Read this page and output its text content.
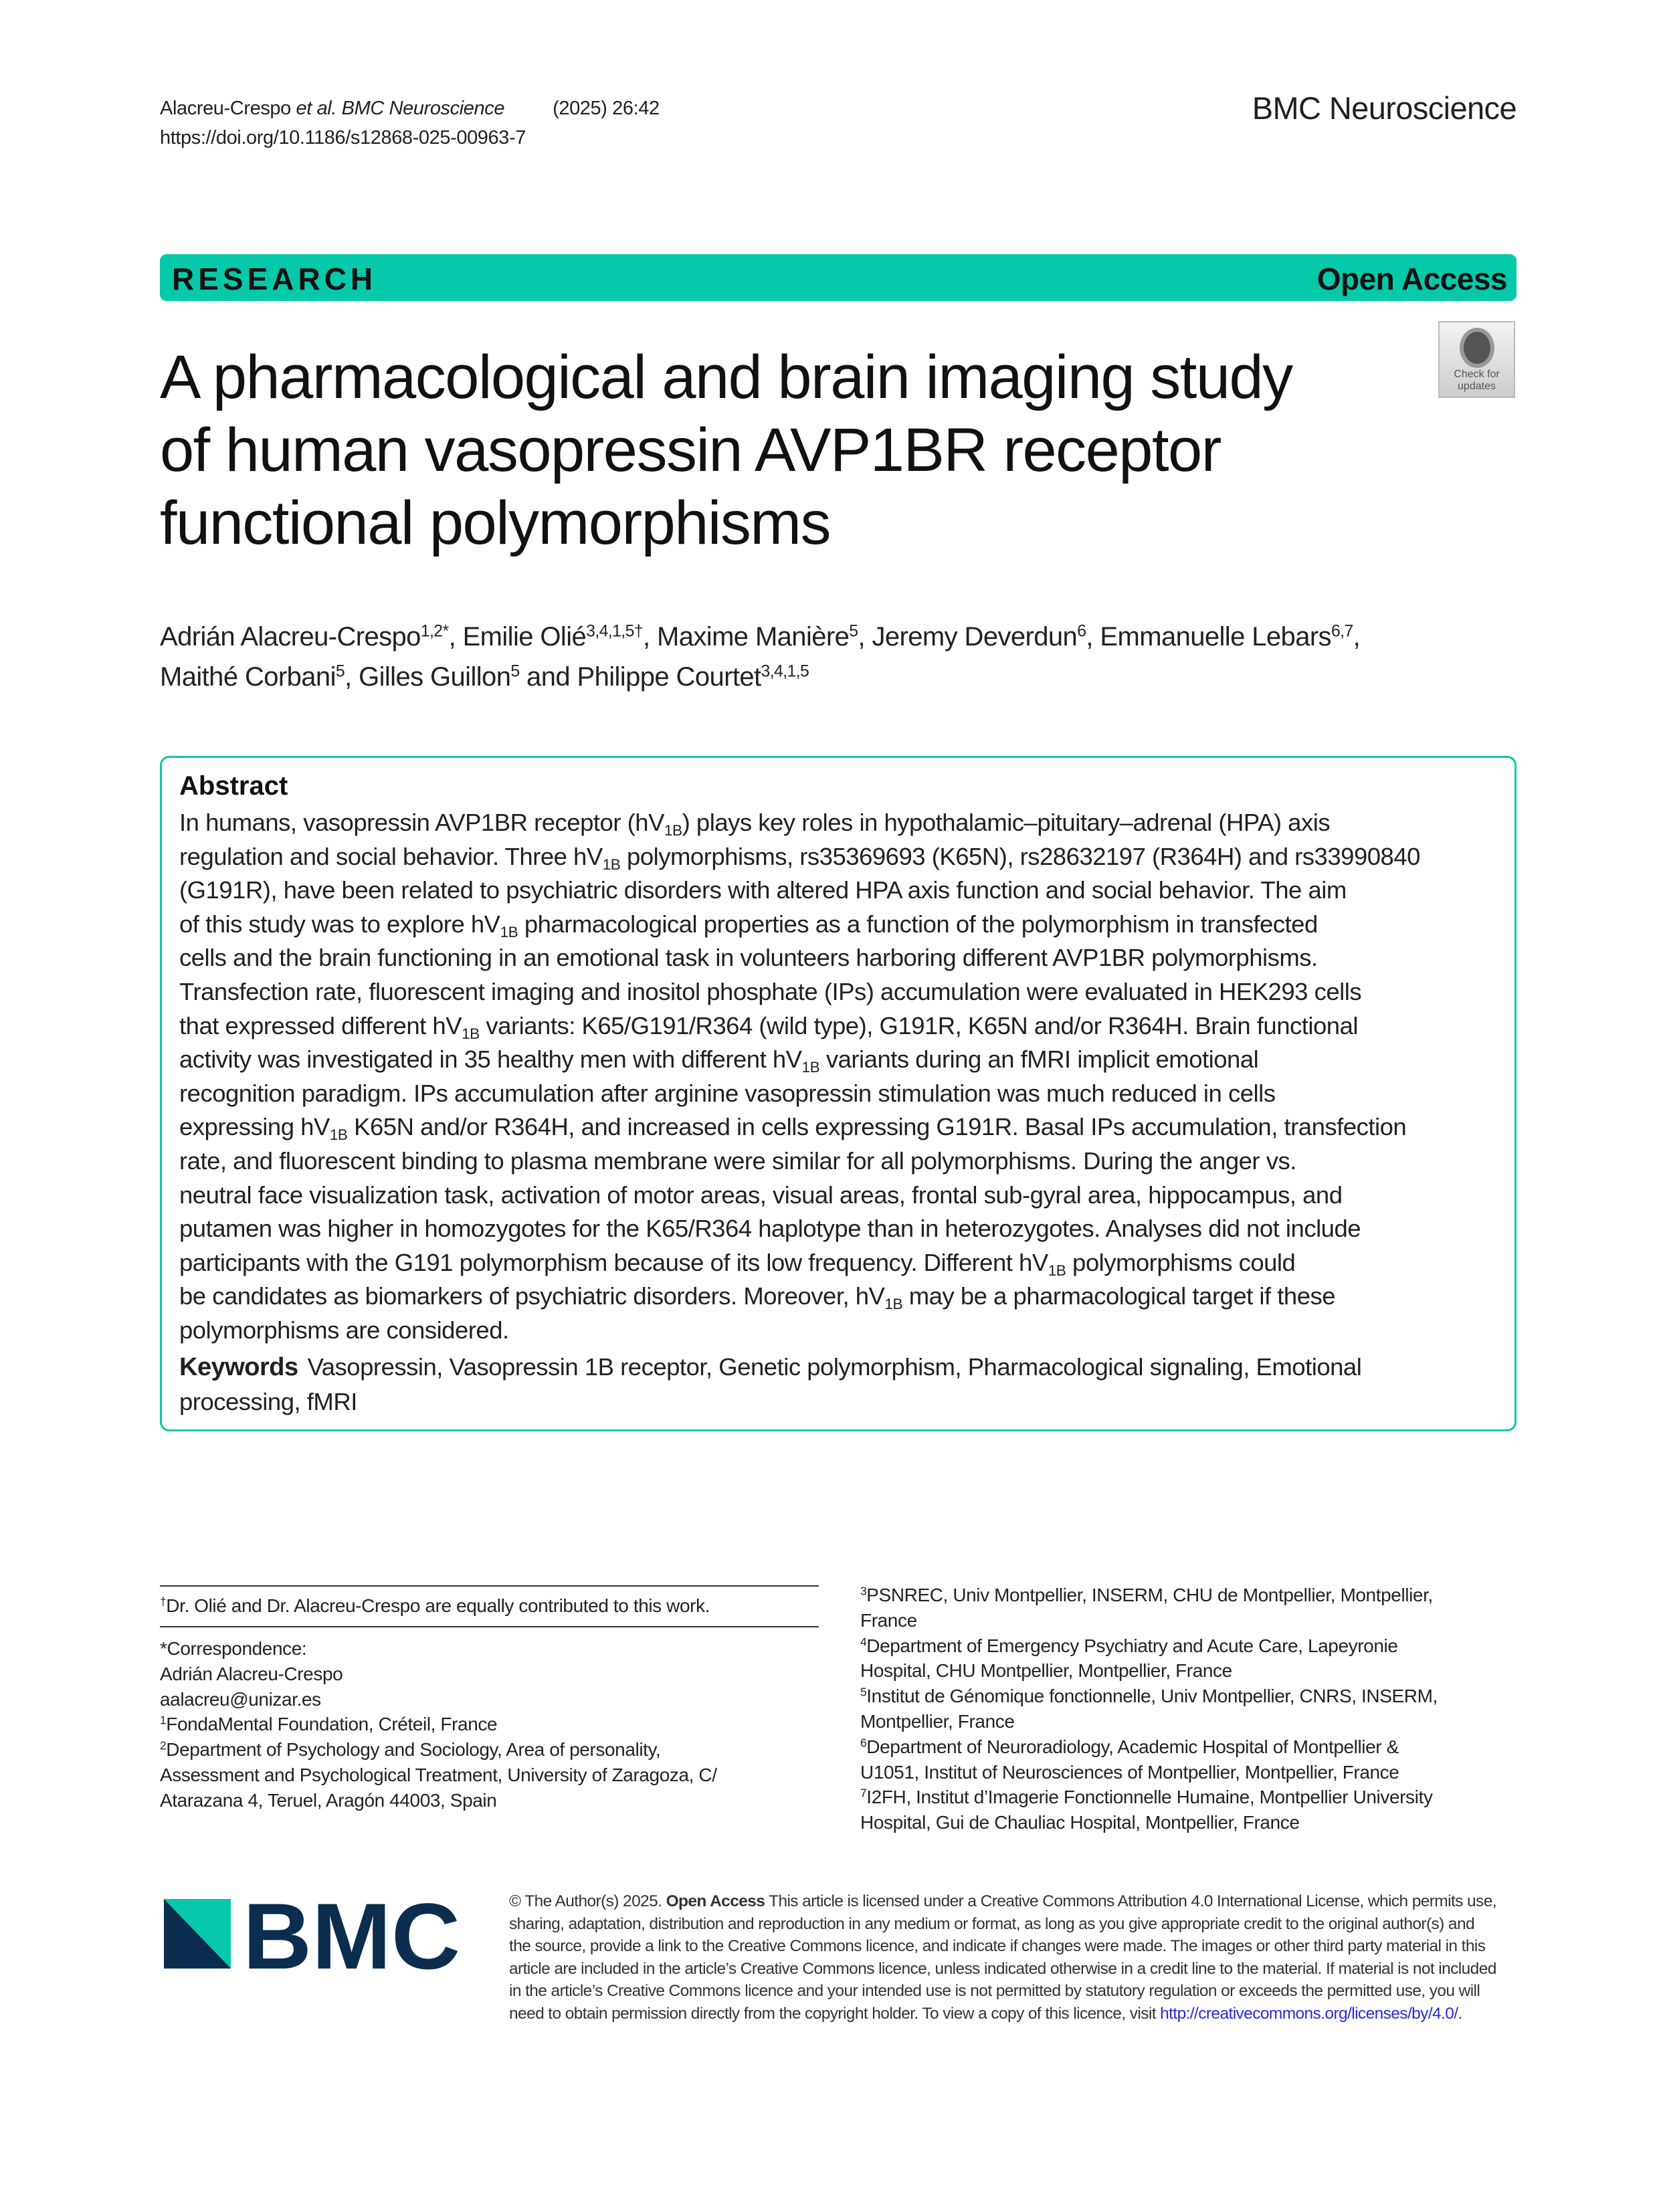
Alacreu-Crespo et al. BMC Neuroscience (2025) 26:42
https://doi.org/10.1186/s12868-025-00963-7
BMC Neuroscience
RESEARCH	Open Access
A pharmacological and brain imaging study
of human vasopressin AVP1BR receptor
functional polymorphisms
Check for
updates
Adrián Alacreu-Crespo$^{1,2*}$, Emilie Olié$^{3,4,1,5\dagger}$, Maxime Manière$^5$, Jeremy Deverdun$^6$, Emmanuelle Lebars$^{6,7}$,
Maithé Corbani$^5$, Gilles Guillon$^5$ and Philippe Courtet$^{3,4,1,5}$
Abstract
In humans, vasopressin AVP1BR receptor $(hV_{1B})$ plays key roles in hypothalamic–pituitary–adrenal (HPA) axis
regulation and social behavior. Three $hV_{1B}$ polymorphisms, rs35369693 (K65N), rs28632197 (R364H) and rs33990840
(G191R), have been related to psychiatric disorders with altered HPA axis function and social behavior. The aim
of this study was to explore $hV_{1B}$ pharmacological properties as a function of the polymorphism in transfected
cells and the brain functioning in an emotional task in volunteers harboring different AVP1BR polymorphisms.
Transfection rate, fluorescent imaging and inositol phosphate (IPs) accumulation were evaluated in HEK293 cells
that expressed different $hV_{1B}$ variants: K65/G191/R364 (wild type), G191R, K65N and/or R364H. Brain functional
activity was investigated in 35 healthy men with different $hV_{1B}$ variants during an fMRI implicit emotional
recognition paradigm. IPs accumulation after arginine vasopressin stimulation was much reduced in cells
expressing $hV_{1B}$ K65N and/or R364H, and increased in cells expressing G191R. Basal IPs accumulation, transfection
rate, and fluorescent binding to plasma membrane were similar for all polymorphisms. During the anger vs.
neutral face visualization task, activation of motor areas, visual areas, frontal sub-gyral area, hippocampus, and
putamen was higher in homozygotes for the K65/R364 haplotype than in heterozygotes. Analyses did not include
participants with the G191 polymorphism because of its low frequency. Different $hV_{1B}$ polymorphisms could
be candidates as biomarkers of psychiatric disorders. Moreover, $hV_{1B}$ may be a pharmacological target if these
polymorphisms are considered.
Keywords Vasopressin, Vasopressin 1B receptor, Genetic polymorphism, Pharmacological signaling, Emotional
processing, fMRI
†Dr. Olié and Dr. Alacreu-Crespo are equally contributed to this work.
*Correspondence:
Adrián Alacreu-Crespo
aalacreu@unizar.es
$^1$FondaMental Foundation, Créteil, France
$^2$Department of Psychology and Sociology, Area of personality,
Assessment and Psychological Treatment, University of Zaragoza, C/
Atarazana 4, Teruel, Aragón 44003, Spain
$^3$PSNREC, Univ Montpellier, INSERM, CHU de Montpellier, Montpellier,
France
$^4$Department of Emergency Psychiatry and Acute Care, Lapeyronie
Hospital, CHU Montpellier, Montpellier, France
$^5$Institut de Génomique fonctionnelle, Univ Montpellier, CNRS, INSERM,
Montpellier, France
$^6$Department of Neuroradiology, Academic Hospital of Montpellier &
U1051, Institut of Neurosciences of Montpellier, Montpellier, France
$^7$I2FH, Institut d’Imagerie Fonctionnelle Humaine, Montpellier University
Hospital, Gui de Chauliac Hospital, Montpellier, France
BMC	© The Author(s) 2025. Open Access This article is licensed under a Creative Commons Attribution 4.0 International License, which permits use,
sharing, adaptation, distribution and reproduction in any medium or format, as long as you give appropriate credit to the original author(s) and
the source, provide a link to the Creative Commons licence, and indicate if changes were made. The images or other third party material in this
article are included in the article’s Creative Commons licence, unless indicated otherwise in a credit line to the material. If material is not included
in the article’s Creative Commons licence and your intended use is not permitted by statutory regulation or exceeds the permitted use, you will
need to obtain permission directly from the copyright holder. To view a copy of this licence, visit http://creativecommons.org/licenses/by/4.0/.
